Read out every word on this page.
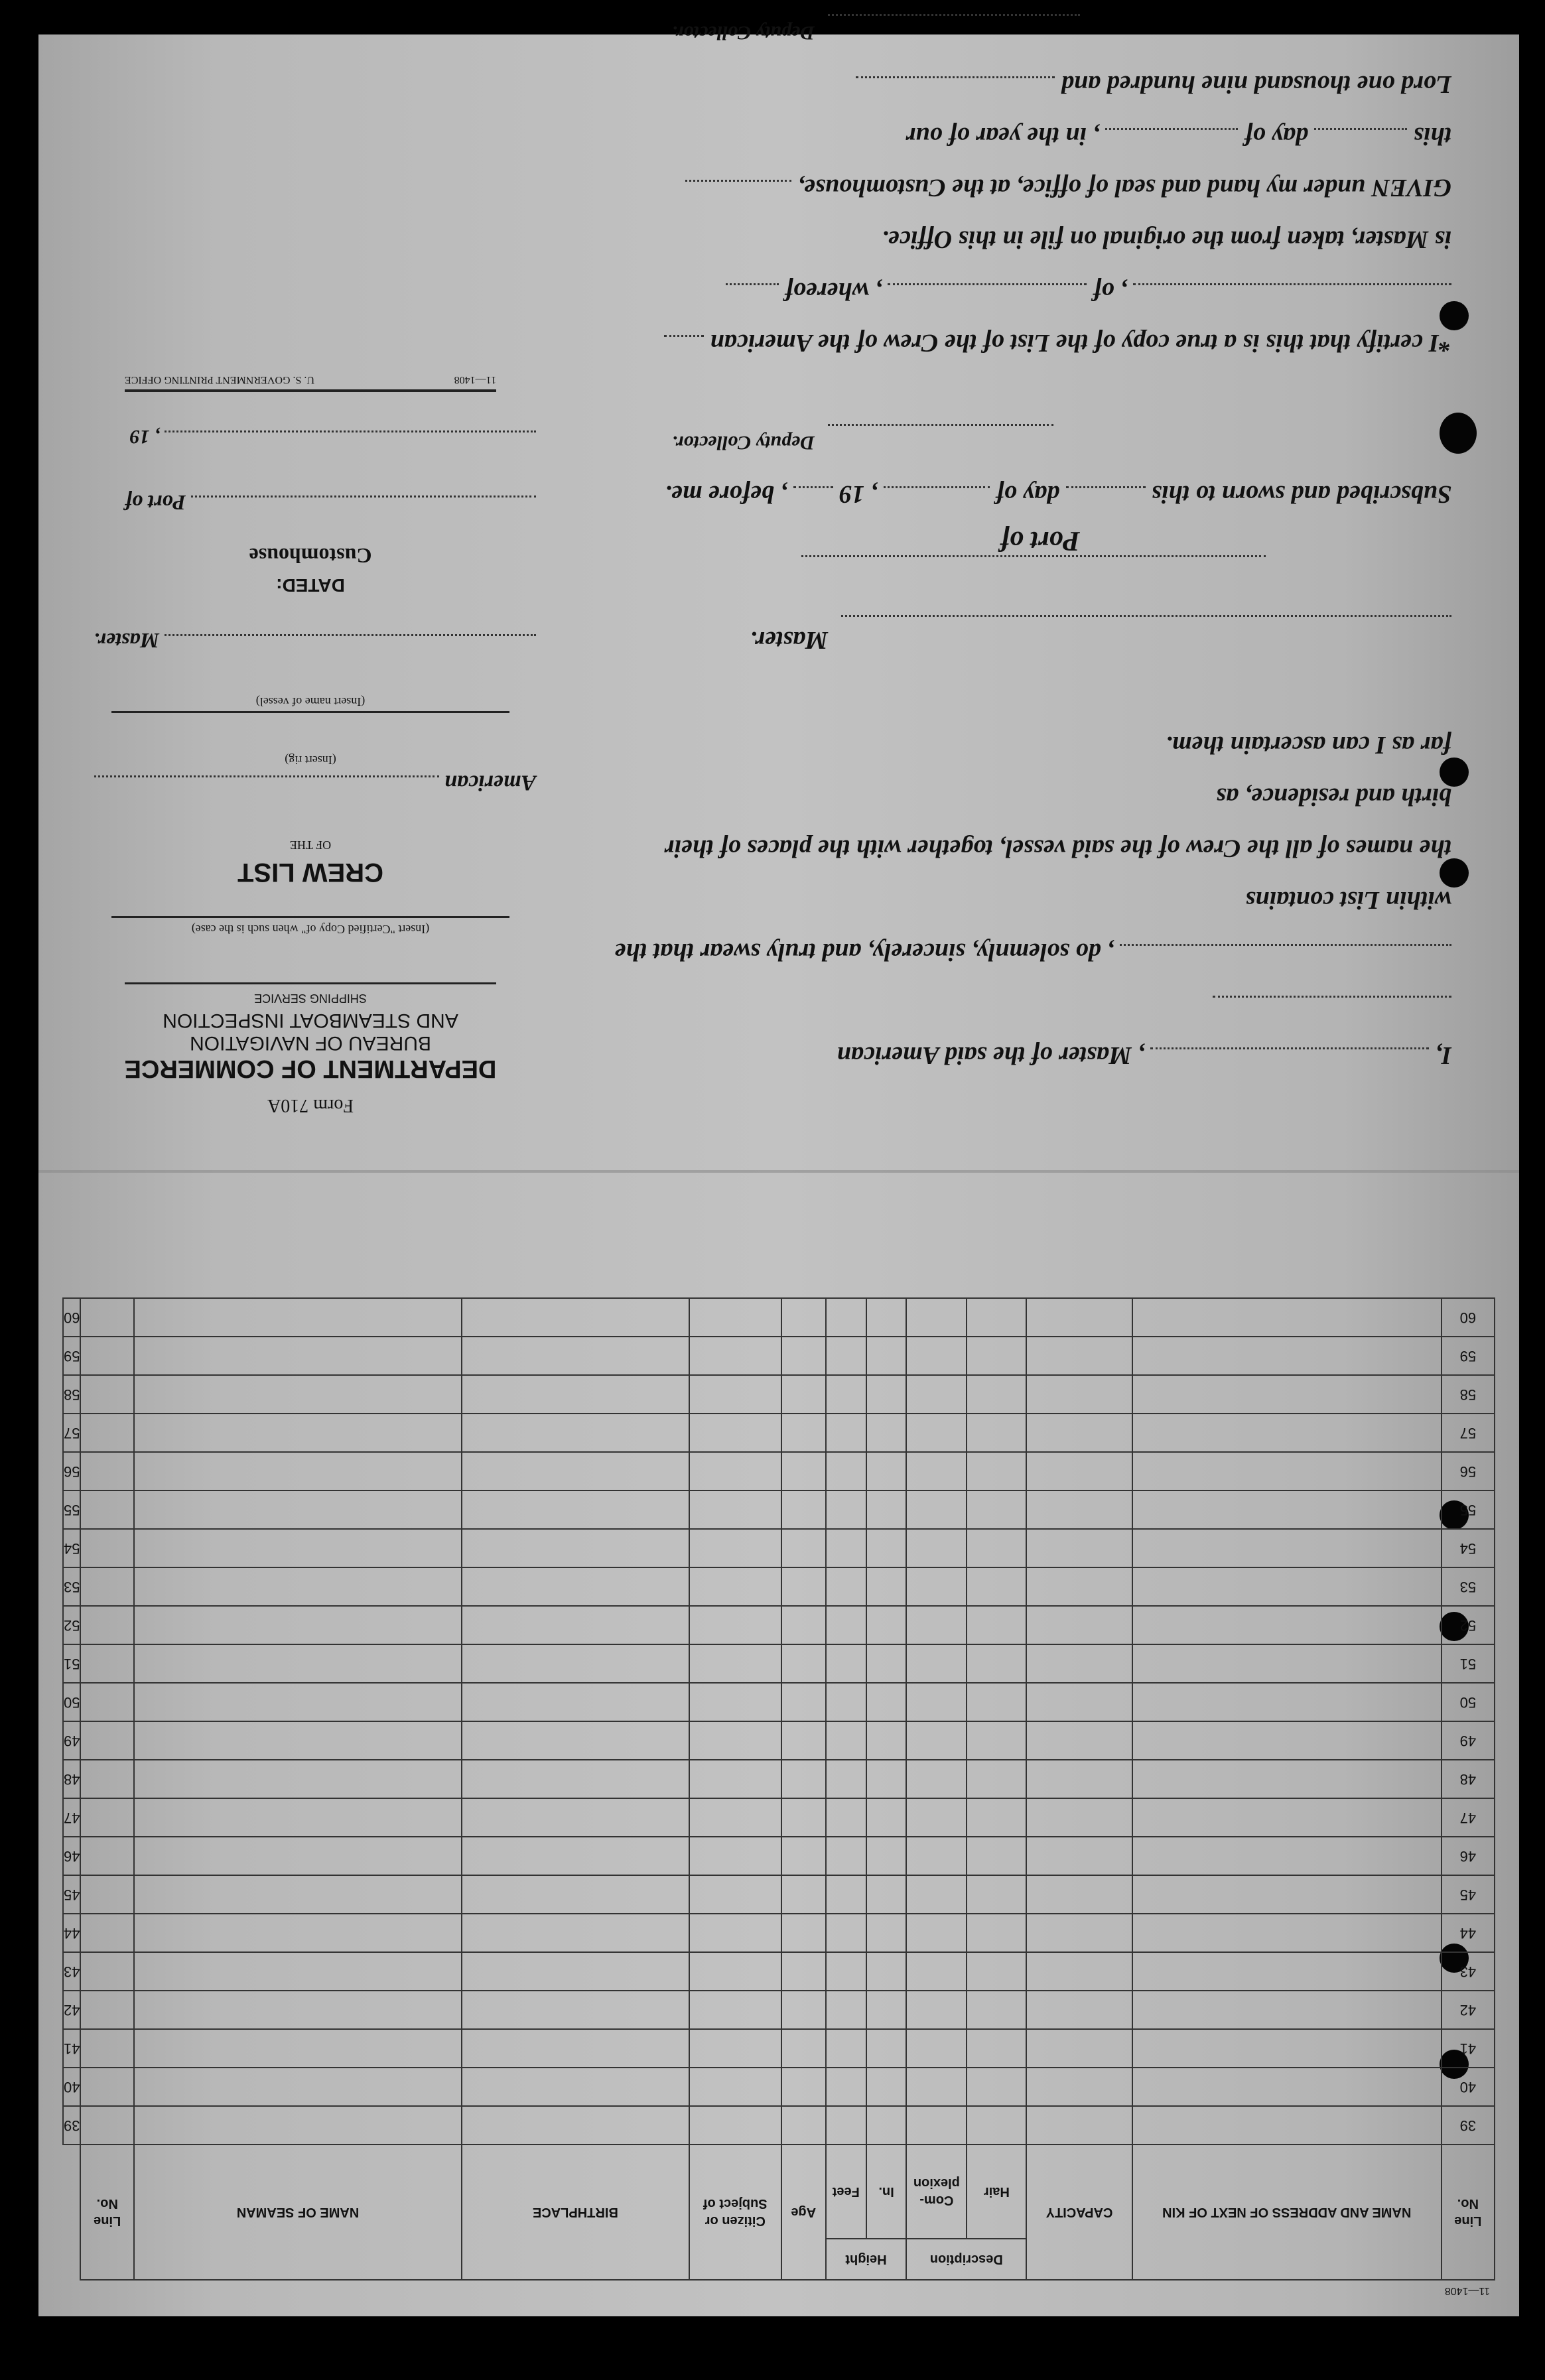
I,  , Master of the said American
, do solemnly, sincerely, and truly swear that the within List contains
the names of all the Crew of the said vessel, together with the places of their birth and residence, as
far as I can ascertain them.
Master.
Port of
Subscribed and sworn to this  day of  , 19  , before me.
Deputy Collector.
*I certify that this is a true copy of the List of the Crew of the American
, of  , whereof
is Master, taken from the original on file in this Office.
GIVEN under my hand and seal of office, at the Customhouse,
this  day of  , in the year of our
Lord one thousand nine hundred and
Deputy Collector.
Form 710A
DEPARTMENT OF COMMERCE
BUREAU OF NAVIGATION
AND STEAMBOAT INSPECTION
SHIPPING SERVICE
(Insert "Certified Copy of" when such is the case)
CREW LIST
OF THE
American
(Insert rig)
(Insert name of vessel)
Master.
DATED:
Customhouse
Port of
, 19
11—1408
U. S. GOVERNMENT PRINTING OFFICE
11—1408
Line No.	NAME AND ADDRESS OF NEXT OF KIN	CAPACITY	Description		Height		Age	Citizen or Subject of	BIRTHPLACE	NAME OF SEAMAN	Line No.	
			Hair	Com-plexion	In.	Feet						
39												39
40												40
41												41
42												42
43												43
44												44
45												45
46												46
47												47
48												48
49												49
50												50
51												51
52												52
53												53
54												54
55												55
56												56
57												57
58												58
59												59
60												60
